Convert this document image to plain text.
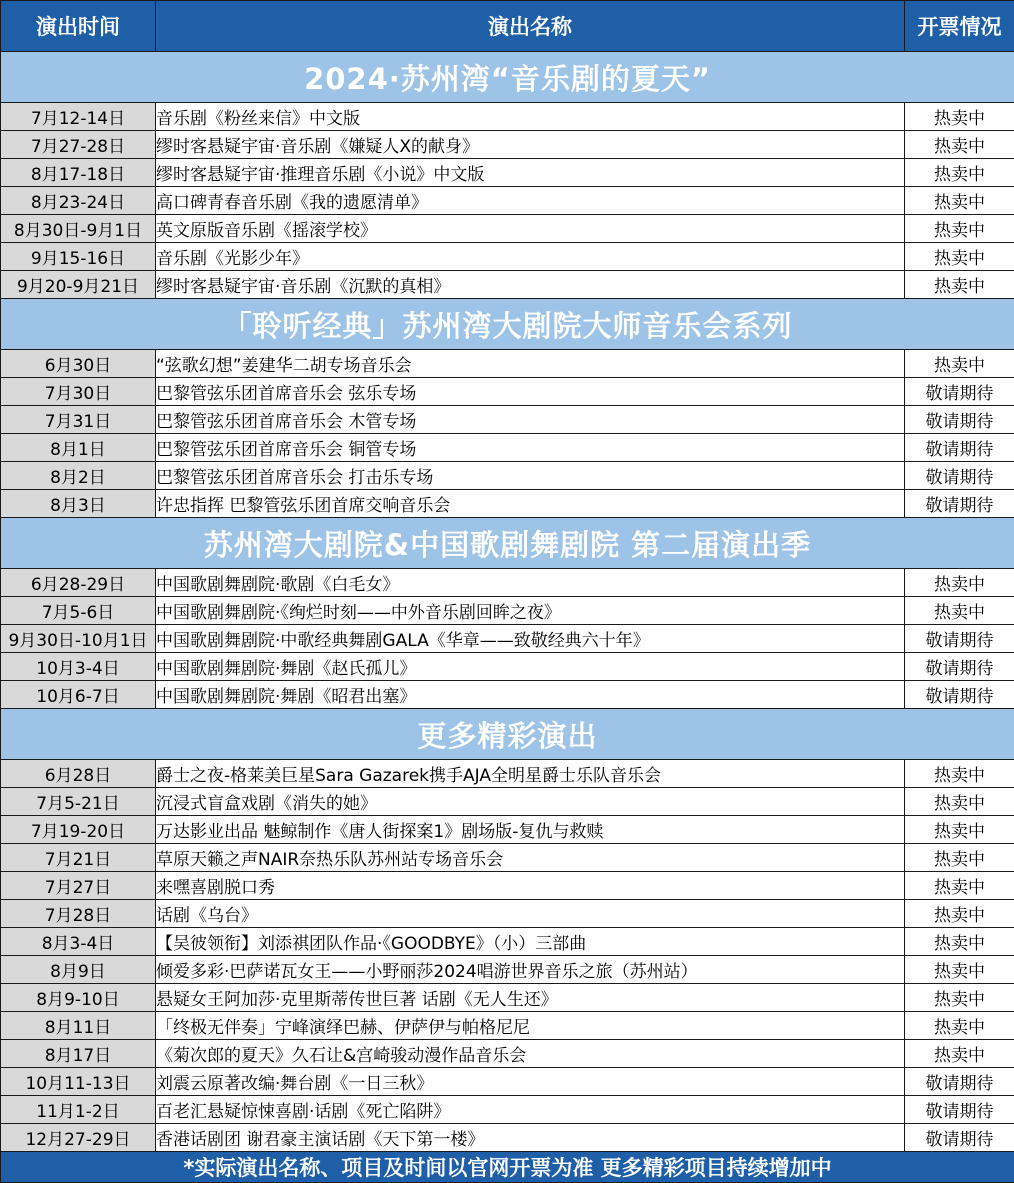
演出时间	演出名称	开票情况
2024·苏州湾“音乐剧的夏天”		
7月12-14日	音乐剧《粉丝来信》中文版	热卖中
7月27-28日	缪时客悬疑宇宙·音乐剧《嫌疑人X的献身》	热卖中
8月17-18日	缪时客悬疑宇宙·推理音乐剧《小说》中文版	热卖中
8月23-24日	高口碑青春音乐剧《我的遗愿清单》	热卖中
8月30日-9月1日	英文原版音乐剧《摇滚学校》	热卖中
9月15-16日	音乐剧《光影少年》	热卖中
9月20-9月21日	缪时客悬疑宇宙·音乐剧《沉默的真相》	热卖中
「聆听经典」苏州湾大剧院大师音乐会系列		
6月30日	“弦歌幻想”姜建华二胡专场音乐会	热卖中
7月30日	巴黎管弦乐团首席音乐会 弦乐专场	敬请期待
7月31日	巴黎管弦乐团首席音乐会 木管专场	敬请期待
8月1日	巴黎管弦乐团首席音乐会 铜管专场	敬请期待
8月2日	巴黎管弦乐团首席音乐会 打击乐专场	敬请期待
8月3日	许忠指挥 巴黎管弦乐团首席交响音乐会	敬请期待
苏州湾大剧院&中国歌剧舞剧院 第二届演出季		
6月28-29日	中国歌剧舞剧院·歌剧《白毛女》	热卖中
7月5-6日	中国歌剧舞剧院·《绚烂时刻——中外音乐剧回眸之夜》	热卖中
9月30日-10月1日	中国歌剧舞剧院·中歌经典舞剧GALA《华章——致敬经典六十年》	敬请期待
10月3-4日	中国歌剧舞剧院·舞剧《赵氏孤儿》	敬请期待
10月6-7日	中国歌剧舞剧院·舞剧《昭君出塞》	敬请期待
更多精彩演出		
6月28日	爵士之夜-格莱美巨星Sara Gazarek携手AJA全明星爵士乐队音乐会	热卖中
7月5-21日	沉浸式盲盒戏剧《消失的她》	热卖中
7月19-20日	万达影业出品 魅鲸制作《唐人街探案1》剧场版-复仇与救赎	热卖中
7月21日	草原天籁之声NAIR奈热乐队苏州站专场音乐会	热卖中
7月27日	来嘿喜剧脱口秀	热卖中
7月28日	话剧《乌台》	热卖中
8月3-4日	【吴彼领衔】刘添祺团队作品·《GOODBYE》（小）三部曲	热卖中
8月9日	倾爱多彩·巴萨诺瓦女王——小野丽莎2024唱游世界音乐之旅（苏州站）	热卖中
8月9-10日	悬疑女王阿加莎·克里斯蒂传世巨著 话剧《无人生还》	热卖中
8月11日	「终极无伴奏」宁峰演绎巴赫、伊萨伊与帕格尼尼	热卖中
8月17日	《菊次郎的夏天》久石让&宫崎骏动漫作品音乐会	热卖中
10月11-13日	刘震云原著改编·舞台剧《一日三秋》	敬请期待
11月1-2日	百老汇悬疑惊悚喜剧·话剧《死亡陷阱》	敬请期待
12月27-29日	香港话剧团 谢君豪主演话剧《天下第一楼》	敬请期待
*实际演出名称、项目及时间以官网开票为准 更多精彩项目持续增加中		
